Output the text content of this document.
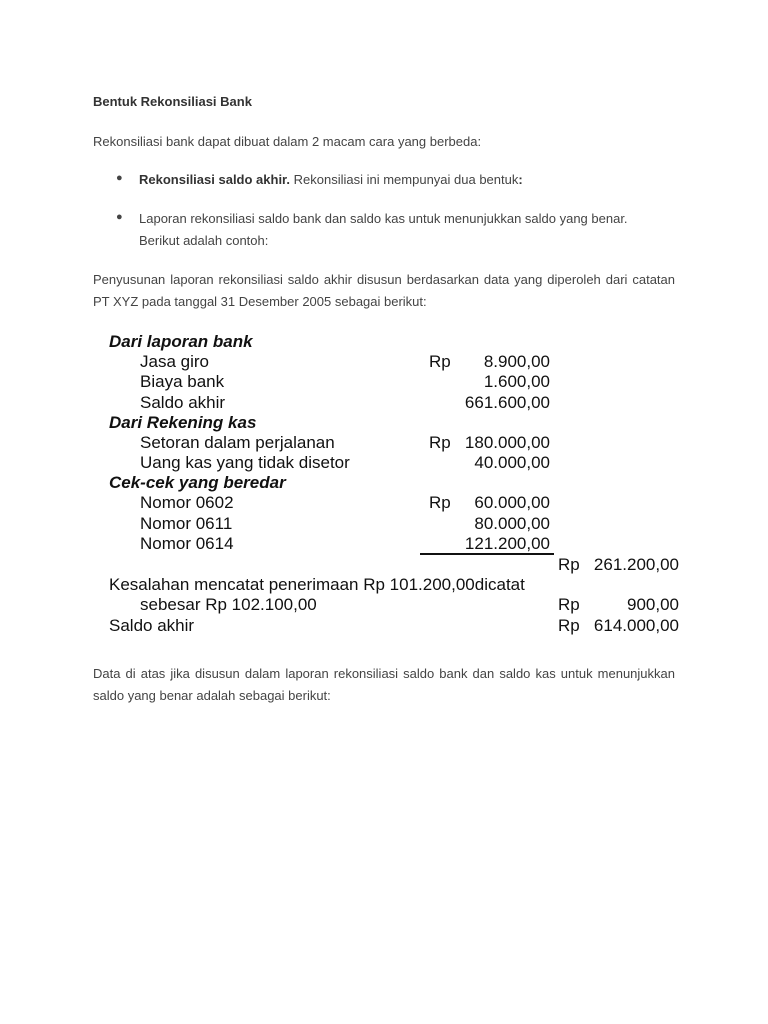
Bentuk Rekonsiliasi Bank
Rekonsiliasi bank dapat dibuat dalam 2 macam cara yang berbeda:
● Rekonsiliasi saldo akhir. Rekonsiliasi ini mempunyai dua bentuk:
● Laporan rekonsiliasi saldo bank dan saldo kas untuk menunjukkan saldo yang benar.
Berikut adalah contoh:
Penyusunan laporan rekonsiliasi saldo akhir disusun berdasarkan data yang diperoleh dari catatan PT XYZ pada tanggal 31 Desember 2005 sebagai berikut:
Dari laporan bank
Jasa giro	Rp	8.900,00
Biaya bank	1.600,00
Saldo akhir	661.600,00
Dari Rekening kas
Setoran dalam perjalanan	Rp 180.000,00
Uang kas yang tidak disetor	40.000,00
Cek-cek yang beredar
Nomor 0602	Rp	60.000,00
Nomor 0611	80.000,00
Nomor 0614	121.200,00
Rp 261.200,00
Kesalahan mencatat penerimaan Rp 101.200,00dicatat
sebesar Rp 102.100,00	Rp	900,00
Saldo akhir	Rp 614.000,00
Data di atas jika disusun dalam laporan rekonsiliasi saldo bank dan saldo kas untuk menunjukkan saldo yang benar adalah sebagai berikut:
